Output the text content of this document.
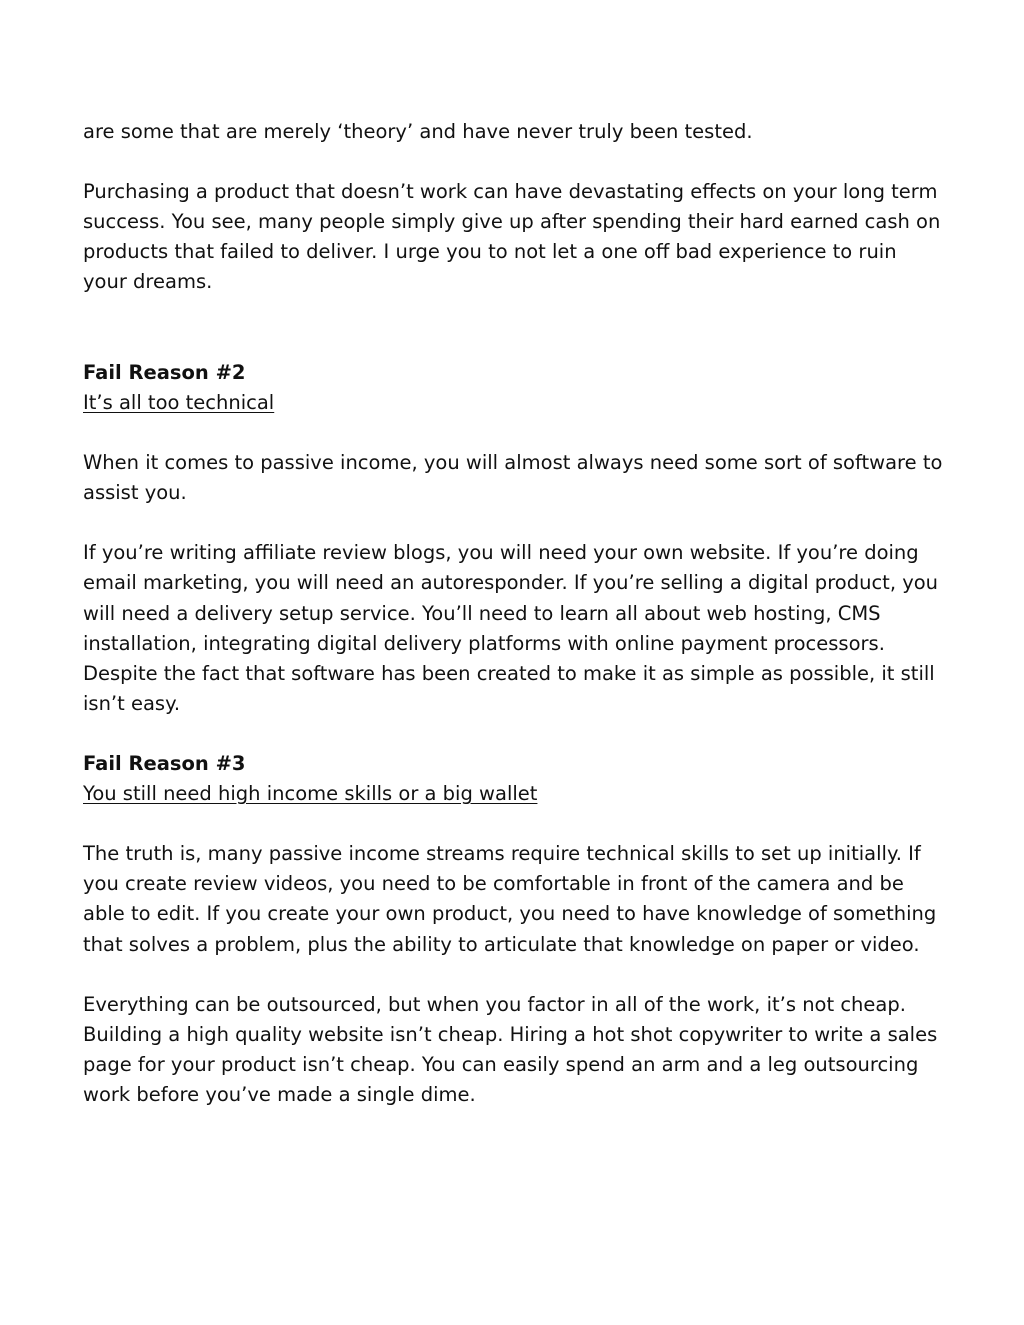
are some that are merely ‘theory’ and have never truly been tested.

Purchasing a product that doesn’t work can have devastating effects on your long term success. You see, many people simply give up after spending their hard earned cash on products that failed to deliver. I urge you to not let a one off bad experience to ruin your dreams.

Fail Reason #2

It’s all too technical

When it comes to passive income, you will almost always need some sort of software to assist you.

If you’re writing affiliate review blogs, you will need your own website. If you’re doing email marketing, you will need an autoresponder. If you’re selling a digital product, you will need a delivery setup service. You’ll need to learn all about web hosting, CMS installation, integrating digital delivery platforms with online payment processors. Despite the fact that software has been created to make it as simple as possible, it still isn’t easy.

Fail Reason #3

You still need high income skills or a big wallet

The truth is, many passive income streams require technical skills to set up initially. If you create review videos, you need to be comfortable in front of the camera and be able to edit. If you create your own product, you need to have knowledge of something that solves a problem, plus the ability to articulate that knowledge on paper or video.

Everything can be outsourced, but when you factor in all of the work, it’s not cheap. Building a high quality website isn’t cheap. Hiring a hot shot copywriter to write a sales page for your product isn’t cheap. You can easily spend an arm and a leg outsourcing work before you’ve made a single dime.
